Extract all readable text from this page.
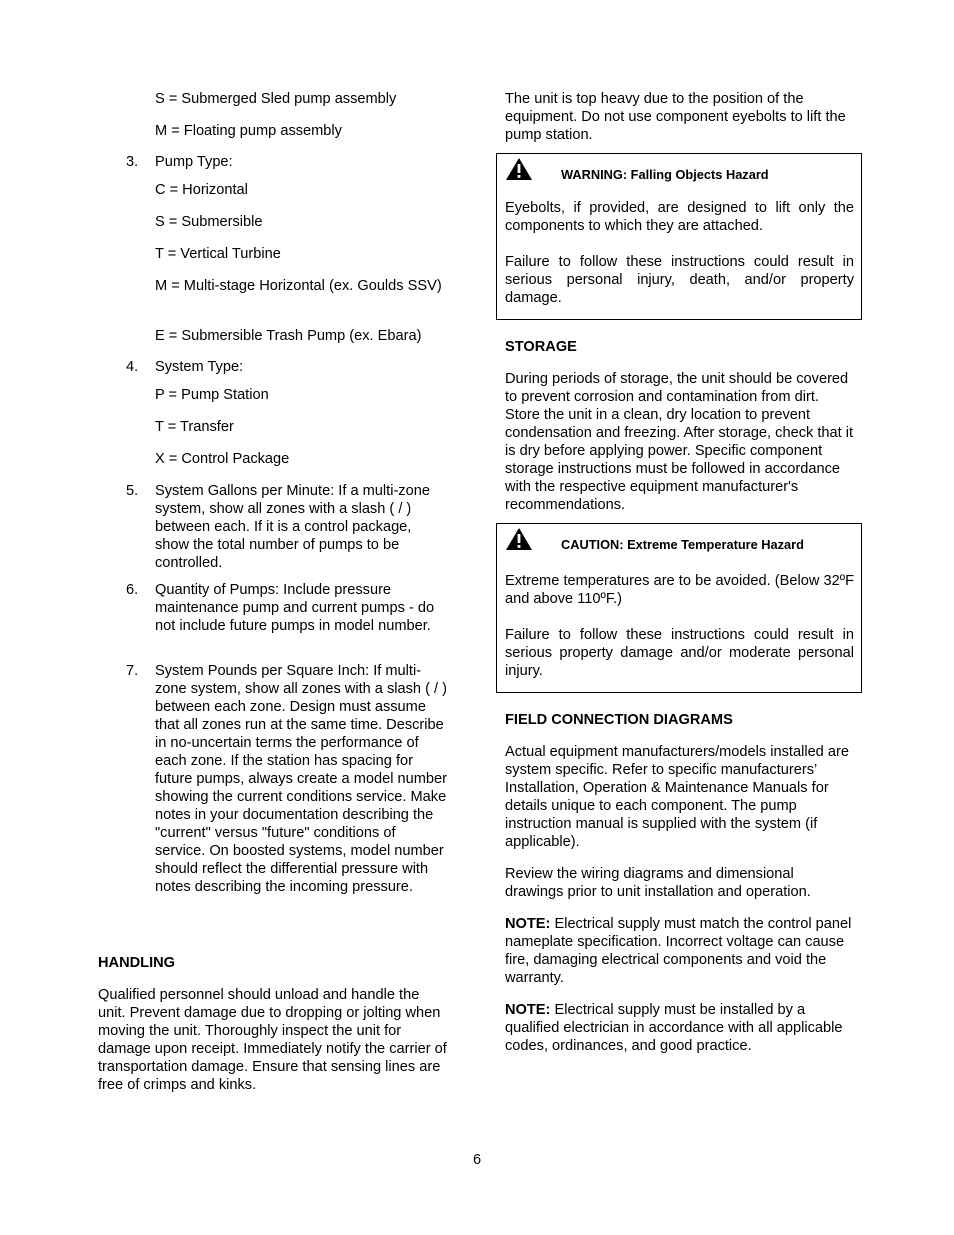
S = Submerged Sled pump assembly

M = Floating pump assembly

3. Pump Type:

C = Horizontal

S = Submersible

T = Vertical Turbine

M = Multi-stage Horizontal (ex. Goulds SSV)

E = Submersible Trash Pump (ex. Ebara)

4. System Type:

P = Pump Station

T = Transfer

X = Control Package

5. System Gallons per Minute: If a multi-zone system, show all zones with a slash ( / ) between each. If it is a control package, show the total number of pumps to be controlled.

6. Quantity of Pumps: Include pressure maintenance pump and current pumps - do not include future pumps in model number.

7. System Pounds per Square Inch: If multi-zone system, show all zones with a slash ( / ) between each zone. Design must assume that all zones run at the same time. Describe in no-uncertain terms the performance of each zone. If the station has spacing for future pumps, always create a model number showing the current conditions service. Make notes in your documentation describing the "current" versus "future" conditions of service. On boosted systems, model number should reflect the differential pressure with notes describing the incoming pressure.

HANDLING

Qualified personnel should unload and handle the unit. Prevent damage due to dropping or jolting when moving the unit. Thoroughly inspect the unit for damage upon receipt. Immediately notify the carrier of transportation damage. Ensure that sensing lines are free of crimps and kinks.

The unit is top heavy due to the position of the equipment. Do not use component eyebolts to lift the pump station.

WARNING: Falling Objects Hazard

Eyebolts, if provided, are designed to lift only the components to which they are attached.

Failure to follow these instructions could result in serious personal injury, death, and/or property damage.

STORAGE

During periods of storage, the unit should be covered to prevent corrosion and contamination from dirt. Store the unit in a clean, dry location to prevent condensation and freezing. After storage, check that it is dry before applying power. Specific component storage instructions must be followed in accordance with the respective equipment manufacturer's recommendations.

CAUTION: Extreme Temperature Hazard

Extreme temperatures are to be avoided. (Below 32ºF and above 110ºF.)

Failure to follow these instructions could result in serious property damage and/or moderate personal injury.

FIELD CONNECTION DIAGRAMS

Actual equipment manufacturers/models installed are system specific. Refer to specific manufacturers’ Installation, Operation & Maintenance Manuals for details unique to each component. The pump instruction manual is supplied with the system (if applicable).

Review the wiring diagrams and dimensional drawings prior to unit installation and operation.

NOTE: Electrical supply must match the control panel nameplate specification. Incorrect voltage can cause fire, damaging electrical components and void the warranty.

NOTE: Electrical supply must be installed by a qualified electrician in accordance with all applicable codes, ordinances, and good practice.

6
